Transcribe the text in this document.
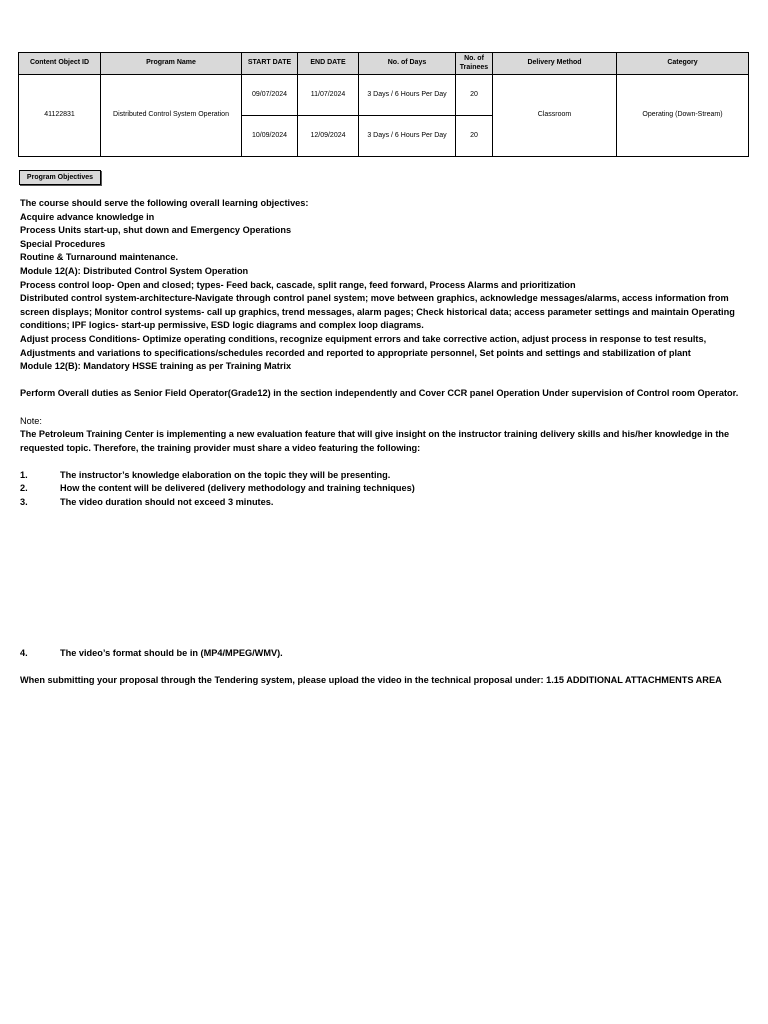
Content Object ID	Program Name	START DATE	END DATE	No. of Days	No. of Trainees	Delivery Method	Category
41122831	Distributed Control System Operation	09/07/2024	11/07/2024	3 Days / 6 Hours Per Day	20	Classroom	Operating (Down-Stream)
		10/09/2024	12/09/2024	3 Days / 6 Hours Per Day	20		
Program Objectives

The course should serve the following overall learning objectives:

Acquire advance knowledge in

Process Units start-up, shut down and Emergency Operations

Special Procedures

Routine & Turnaround maintenance.

Module 12(A): Distributed Control System Operation

Process control loop- Open and closed; types- Feed back, cascade, split range, feed forward, Process Alarms and prioritization

Distributed control system-architecture-Navigate through control panel system; move between graphics, acknowledge messages/alarms, access information from screen displays; Monitor control systems- call up graphics, trend messages, alarm pages; Check historical data; access parameter settings and maintain Operating conditions; IPF logics- start-up permissive, ESD logic diagrams and complex loop diagrams.

Adjust process Conditions- Optimize operating conditions, recognize equipment errors and take corrective action, adjust process in response to test results,

Adjustments and variations to specifications/schedules recorded and reported to appropriate personnel, Set points and settings and stabilization of plant

Module 12(B): Mandatory HSSE training as per Training Matrix

Perform Overall duties as Senior Field Operator(Grade12) in the section independently and Cover CCR panel Operation Under supervision of Control room Operator.

Note:

The Petroleum Training Center is implementing a new evaluation feature that will give insight on the instructor training delivery skills and his/her knowledge in the requested topic. Therefore, the training provider must share a video featuring the following:

1.	The instructor’s knowledge elaboration on the topic they will be presenting.
2.	How the content will be delivered (delivery methodology and training techniques)
3.	The video duration should not exceed 3 minutes.
4.	The video’s format should be in (MP4/MPEG/WMV).

When submitting your proposal through the Tendering system, please upload the video in the technical proposal under: 1.15 ADDITIONAL ATTACHMENTS AREA
